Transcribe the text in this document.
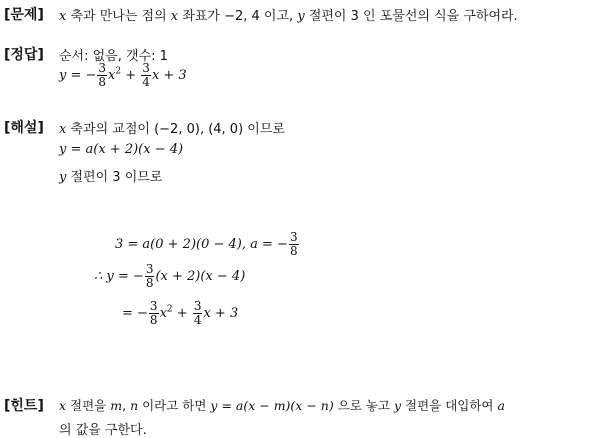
[문제] x 축과 만나는 점의 x 좌표가 −2, 4 이고, y 절편이 3 인 포물선의 식을 구하여라.
[정답] 순서: 없음, 갯수: 1
y = − $\frac{3}{8} x^2 + \frac{3}{4}$ x + 3
[해설] x 축과의 교점이 (−2, 0), (4, 0) 이므로
y = a(x + 2)(x − 4)
y 절편이 3 이므로
3 = a(0 + 2)(0 − 4), a = − $\frac{3}{8}$
∴ y = − $\frac{3}{8} (x + 2)(x - 4)$
= − $\frac{3}{8} x^2 + \frac{3}{4}$ x + 3
[힌트] x 절편을 m, n 이라고 하면 y = a(x − m)(x − n) 으로 놓고 y 절편을 대입하여 a
의 값을 구한다.
